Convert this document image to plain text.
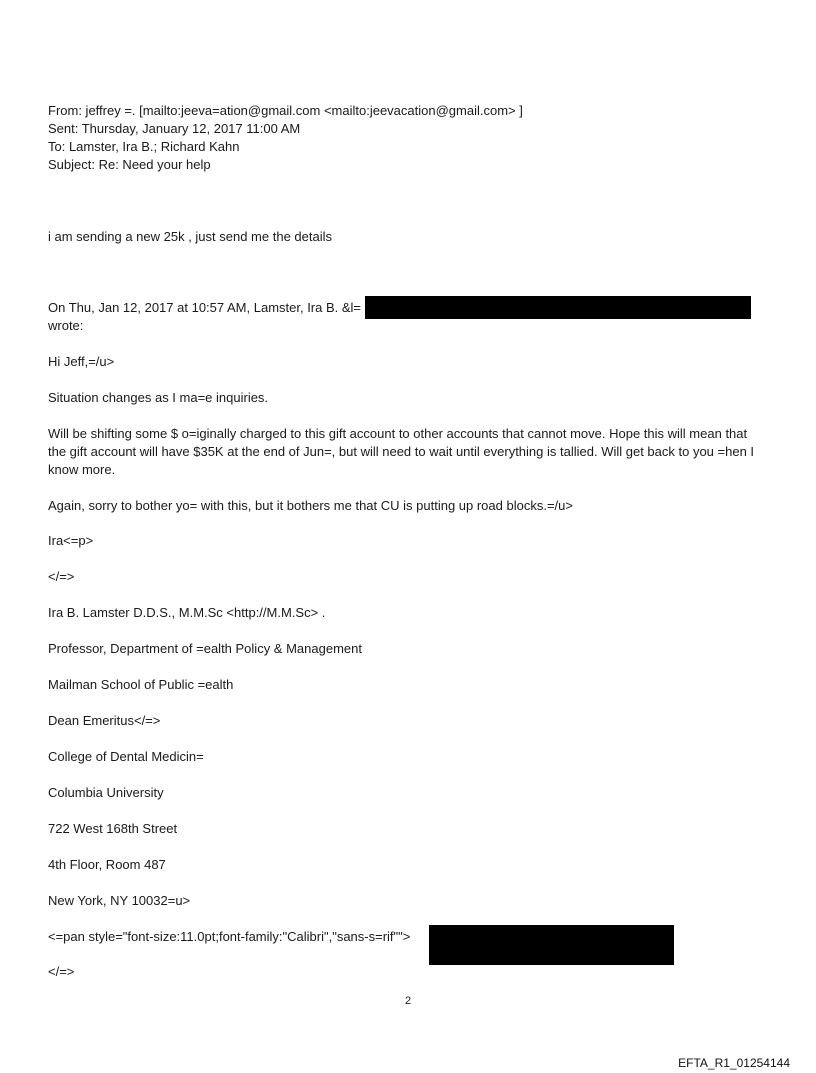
From: jeffrey =. [mailto:jeeva=ation@gmail.com <mailto:jeevacation@gmail.com> ]
Sent: Thursday, January 12, 2017 11:00 AM
To: Lamster, Ira B.; Richard Kahn
Subject: Re: Need your help
i am sending a new 25k , just send me the details
On Thu, Jan 12, 2017 at 10:57 AM, Lamster, Ira B. &l=
wrote:
Hi Jeff,=/u>
Situation changes as I ma=e inquiries.
Will be shifting some $ o=iginally charged to this gift account to other accounts that cannot move. Hope this will mean that the gift account will have $35K at the end of Jun=, but will need to wait until everything is tallied. Will get back to you =hen I know more.
Again, sorry to bother yo= with this, but it bothers me that CU is putting up road blocks.=/u>
Ira<=p>
</=>
Ira B. Lamster D.D.S., M.M.Sc <http://M.M.Sc> .
Professor, Department of =ealth Policy & Management
Mailman School of Public =ealth
Dean Emeritus</=>
College of Dental Medicin=
Columbia University
722 West 168th Street
4th Floor, Room 487
New York, NY 10032=u>
<=pan style="font-size:11.0pt;font-family:"Calibri","sans-s=rif"">
</=>
2
EFTA_R1_01254144
